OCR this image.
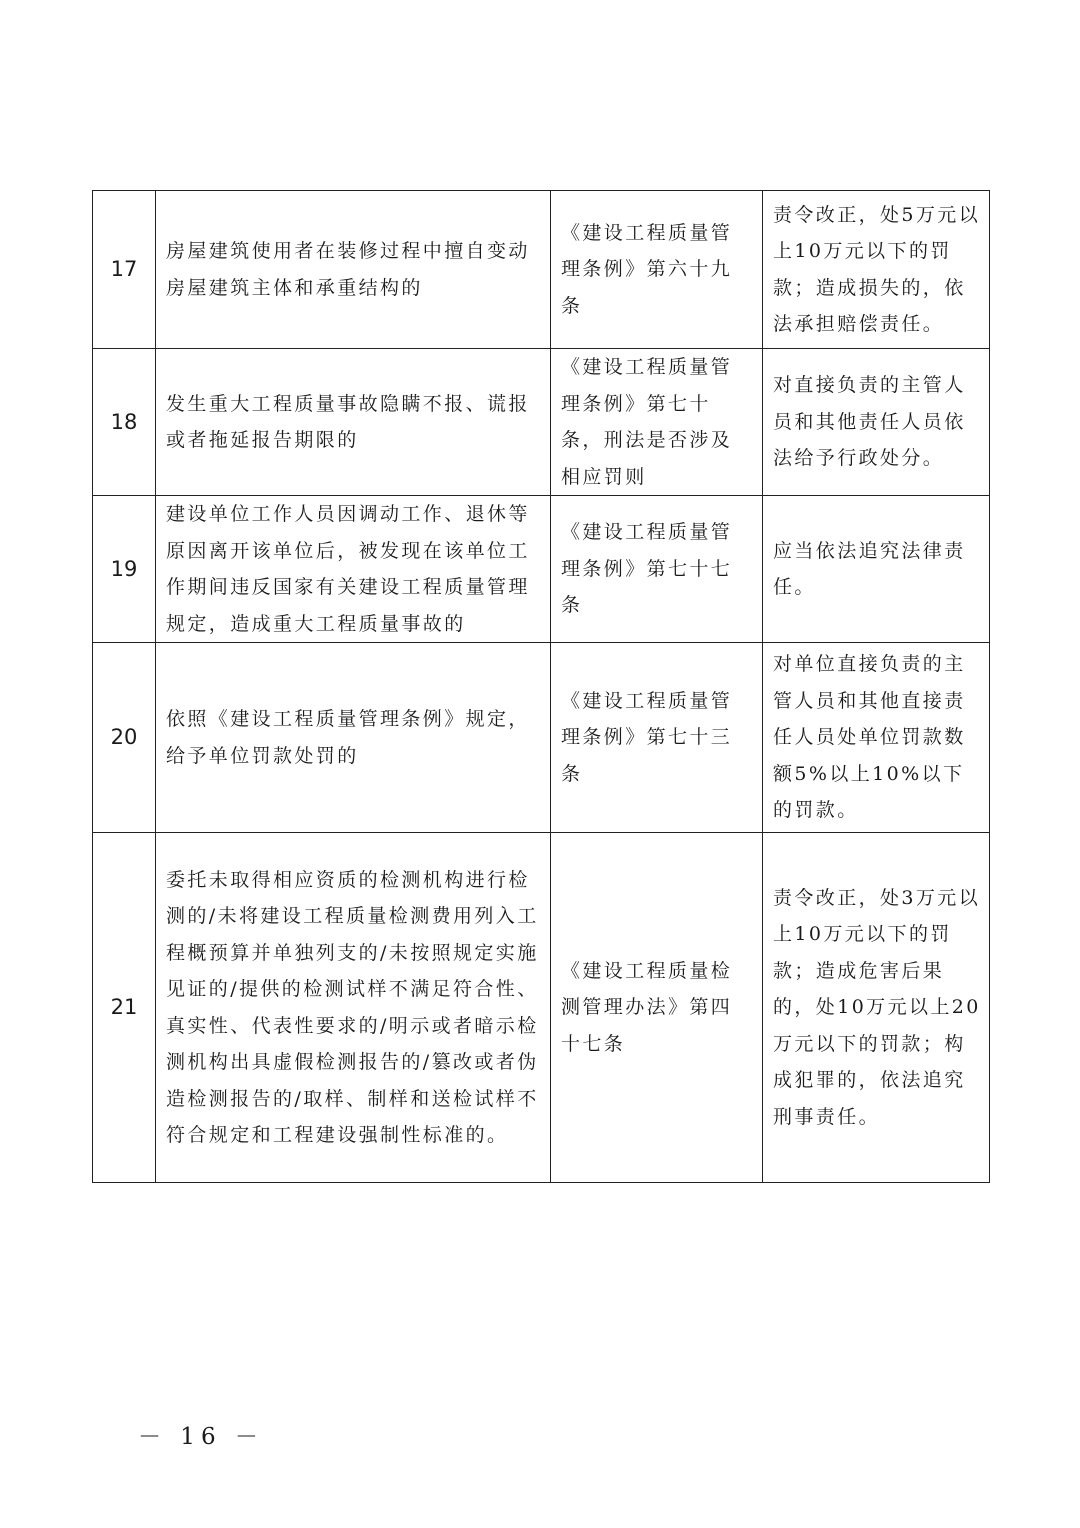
17	房屋建筑使用者在装修过程中擅自变动房屋建筑主体和承重结构的	《建设工程质量管理条例》第六十九条	责令改正，处5万元以上10万元以下的罚款；造成损失的，依法承担赔偿责任。
18	发生重大工程质量事故隐瞒不报、谎报或者拖延报告期限的	《建设工程质量管理条例》第七十条，刑法是否涉及相应罚则	对直接负责的主管人员和其他责任人员依法给予行政处分。
19	建设单位工作人员因调动工作、退休等原因离开该单位后，被发现在该单位工作期间违反国家有关建设工程质量管理规定，造成重大工程质量事故的	《建设工程质量管理条例》第七十七条	应当依法追究法律责任。
20	依照《建设工程质量管理条例》规定，给予单位罚款处罚的	《建设工程质量管理条例》第七十三条	对单位直接负责的主管人员和其他直接责任人员处单位罚款数额5%以上10%以下的罚款。
21	委托未取得相应资质的检测机构进行检测的/未将建设工程质量检测费用列入工程概预算并单独列支的/未按照规定实施见证的/提供的检测试样不满足符合性、真实性、代表性要求的/明示或者暗示检测机构出具虚假检测报告的/篡改或者伪造检测报告的/取样、制样和送检试样不符合规定和工程建设强制性标准的。	《建设工程质量检测管理办法》第四十七条	责令改正，处3万元以上10万元以下的罚款；造成危害后果的，处10万元以上20万元以下的罚款；构成犯罪的，依法追究刑事责任。
－ 16 －
